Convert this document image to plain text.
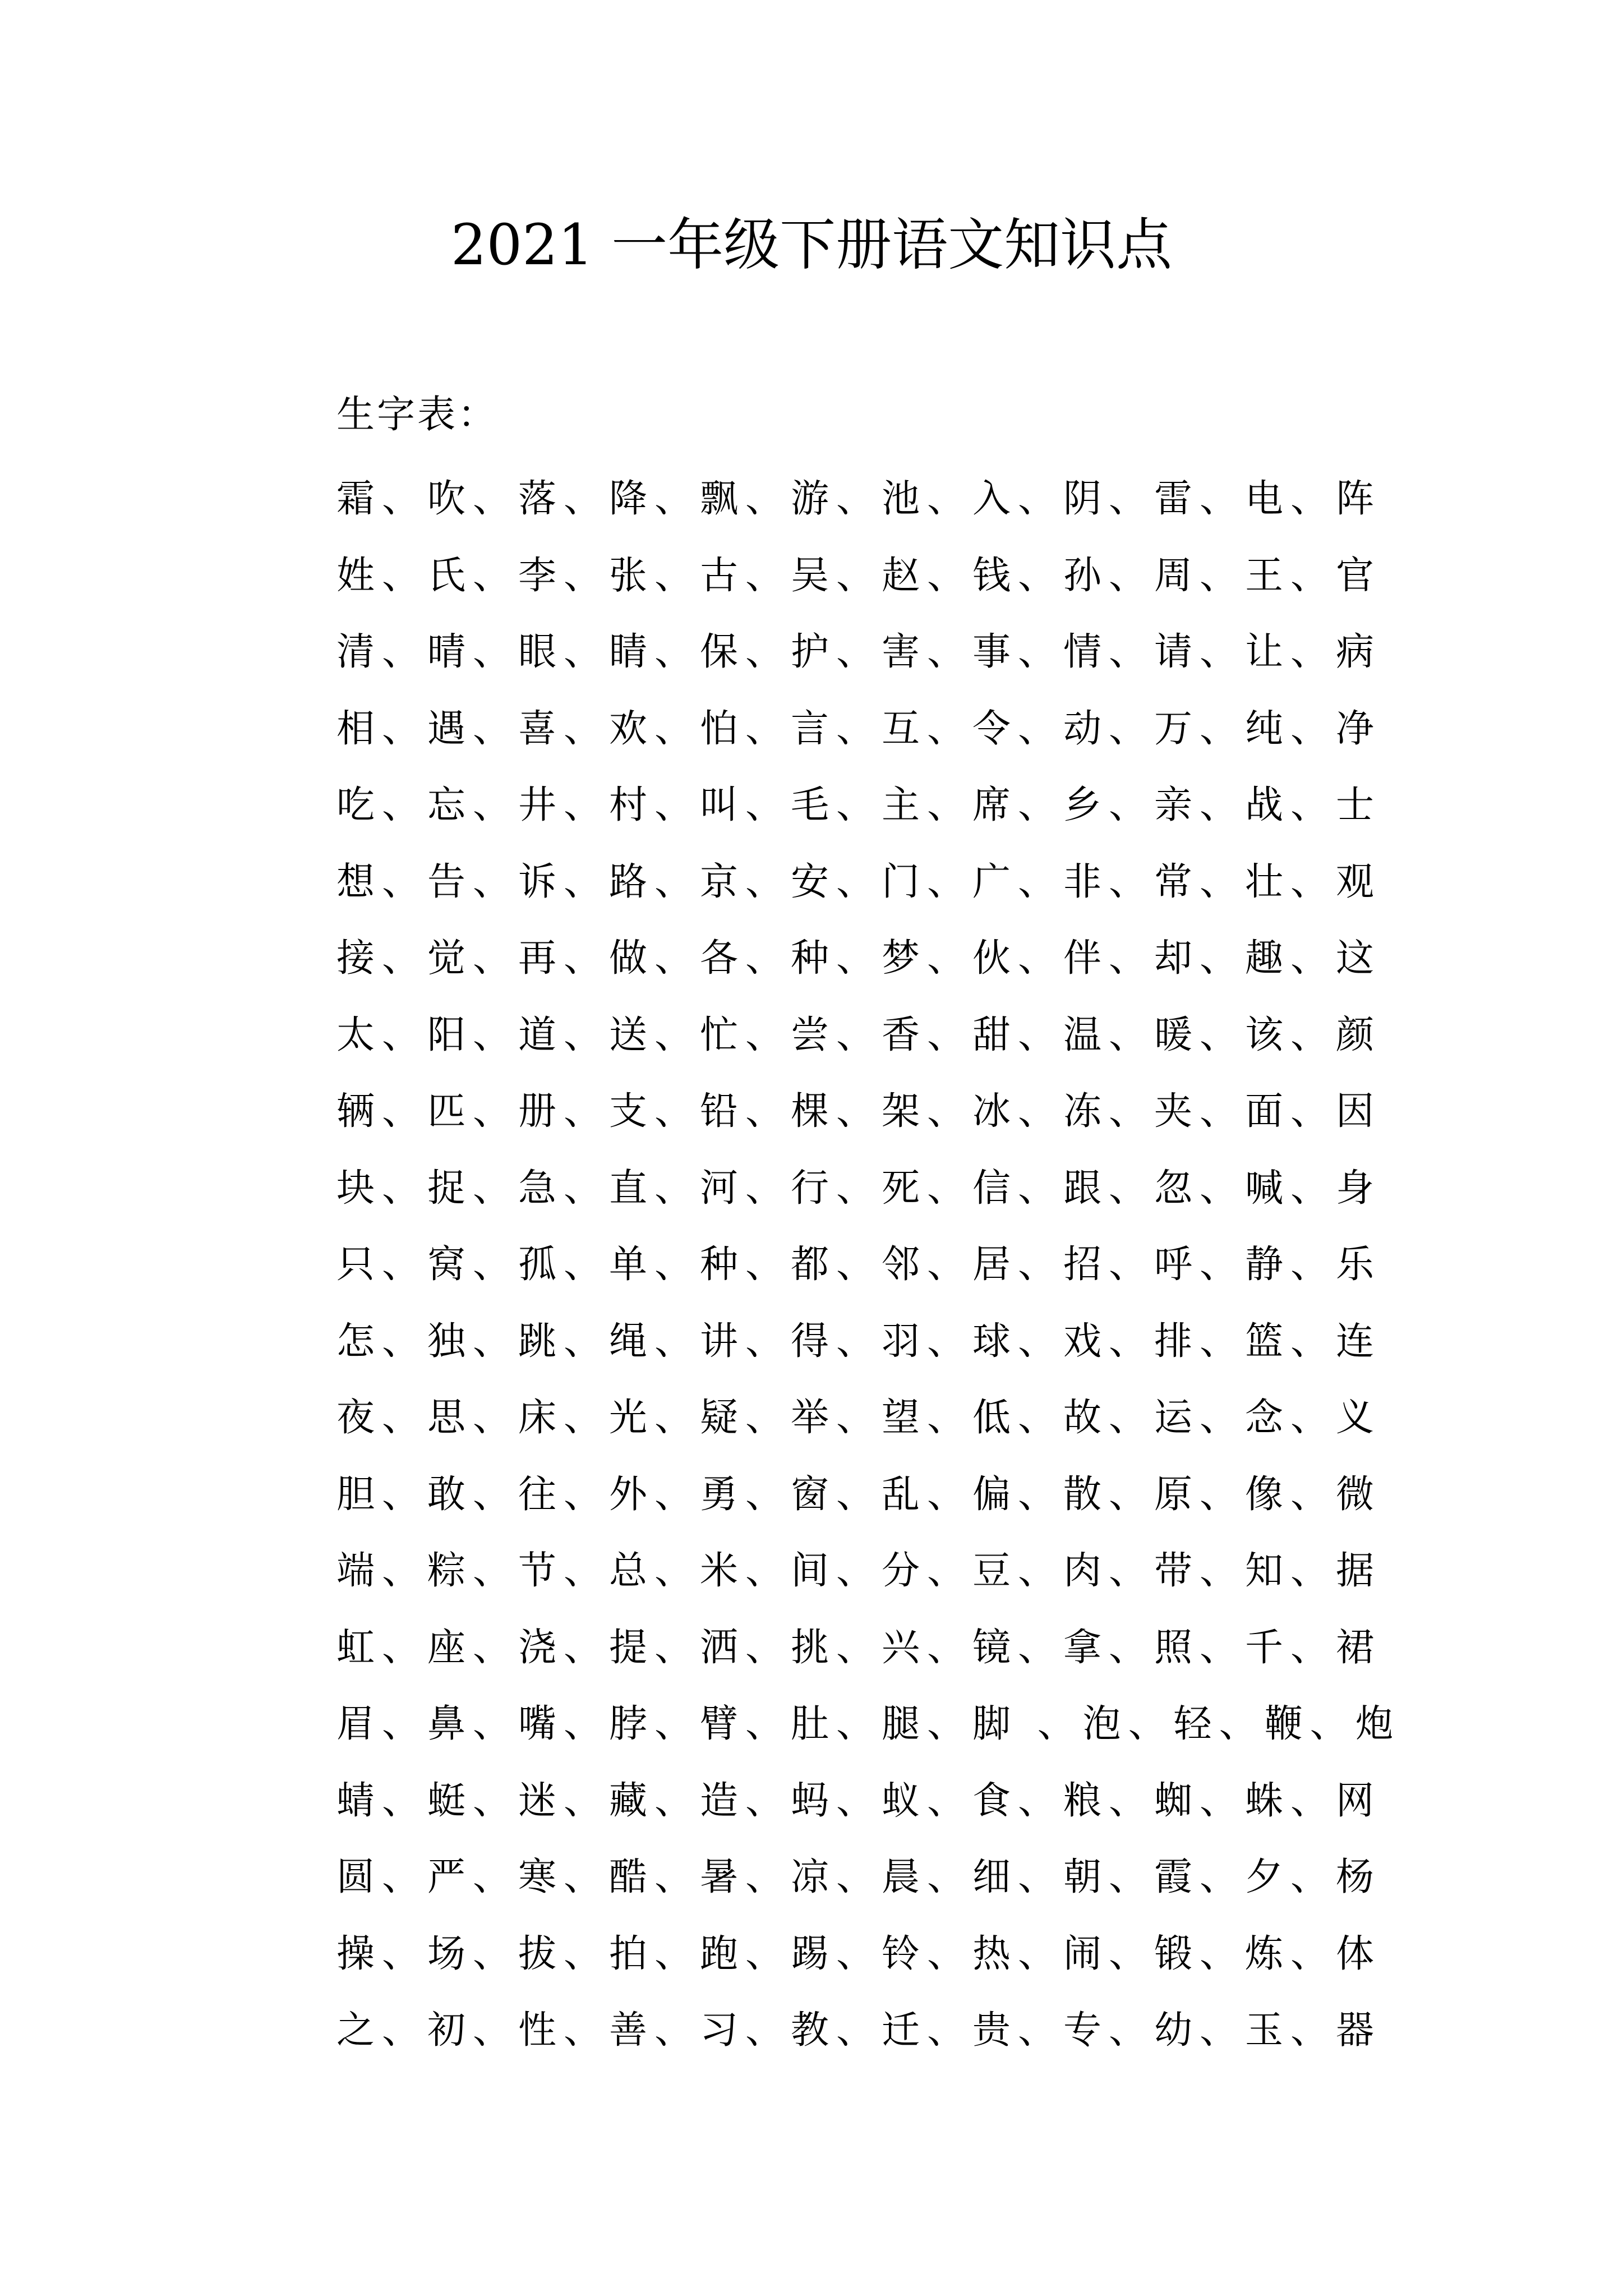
2021 一年级下册语文知识点

生字表：

霜、吹、落、降、飘、游、池、入、阴、雷、电、阵
姓、氏、李、张、古、吴、赵、钱、孙、周、王、官
清、晴、眼、睛、保、护、害、事、情、请、让、病
相、遇、喜、欢、怕、言、互、令、动、万、纯、净
吃、忘、井、村、叫、毛、主、席、乡、亲、战、士
想、告、诉、路、京、安、门、广、非、常、壮、观
接、觉、再、做、各、种、梦、伙、伴、却、趣、这
太、阳、道、送、忙、尝、香、甜、温、暖、该、颜
辆、匹、册、支、铅、棵、架、冰、冻、夹、面、因
块、捉、急、直、河、行、死、信、跟、忽、喊、身
只、窝、孤、单、种、都、邻、居、招、呼、静、乐
怎、独、跳、绳、讲、得、羽、球、戏、排、篮、连
夜、思、床、光、疑、举、望、低、故、运、念、义
胆、敢、往、外、勇、窗、乱、偏、散、原、像、微
端、粽、节、总、米、间、分、豆、肉、带、知、据
虹、座、浇、提、洒、挑、兴、镜、拿、照、千、裙
眉、鼻、嘴、脖、臂、肚、腿、脚 、泡、轻、鞭、炮
蜻、蜓、迷、藏、造、蚂、蚁、食、粮、蜘、蛛、网
圆、严、寒、酷、暑、凉、晨、细、朝、霞、夕、杨
操、场、拔、拍、跑、踢、铃、热、闹、锻、炼、体
之、初、性、善、习、教、迁、贵、专、幼、玉、器
